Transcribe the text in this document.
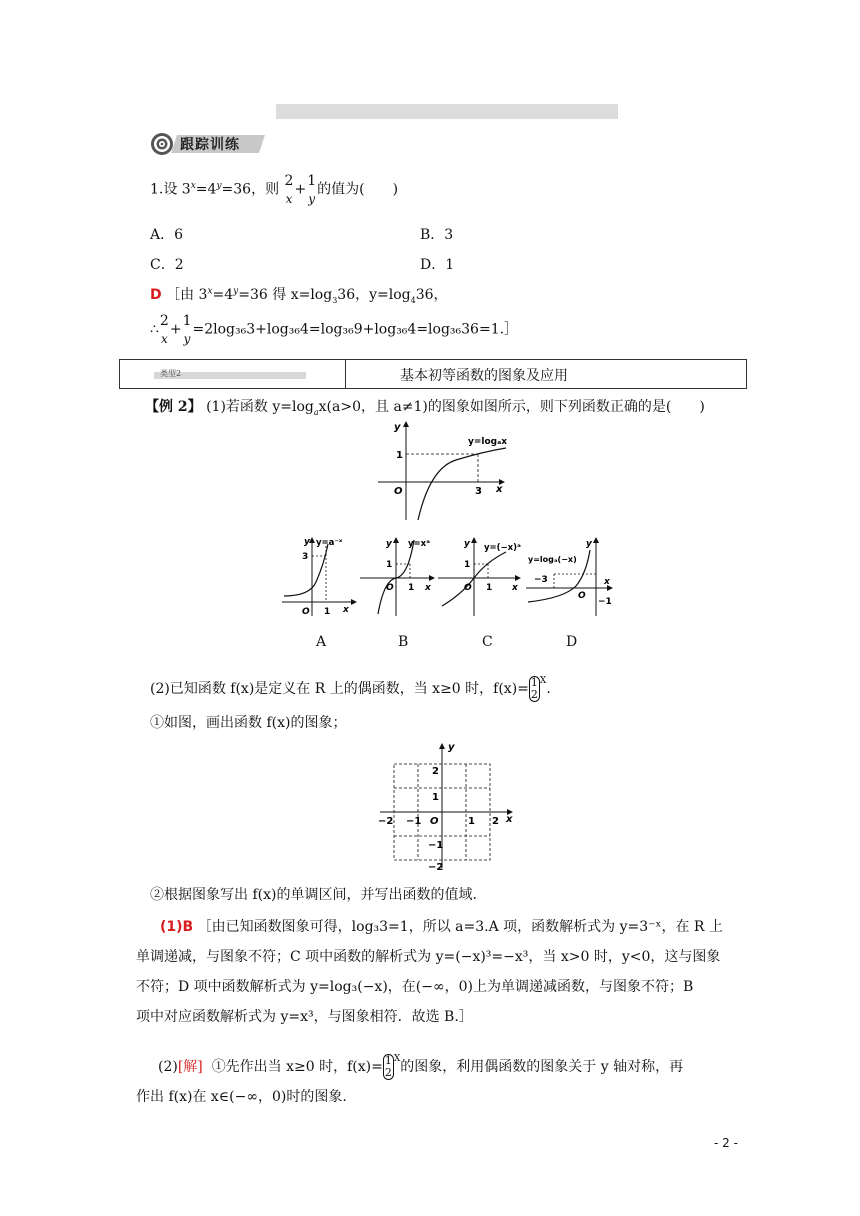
跟踪训练
1.设 $3^x=4^y=36$，则
2
x
+
1
y
的值为(　　)
A．6	B．3
C．2	D．1
D ［由 $3^x=4^y=36$ 得 $x=\log_336$，$y=\log_436$，
∴
2
x
+
1
y
=2log₃₆3+log₃₆4=log₃₆9+log₃₆4=log₃₆36=1.］
类型2	基本初等函数的图象及应用
【例 2】 (1)若函数 $y=\log_ax(a>0$，且 a≠1)的图象如图所示，则下列函数正确的是(　　)
y
x
y=logₐx
1
3
O
y
x
y=a⁻ˣ
3
1
O
y
x
y=xᵃ
1
1
O
y
x
y=(−x)ᵃ
1
1
O
y
x
y=logₐ(−x)
−1
−3
O
A	B	C	D
(2)已知函数 f(x)是定义在 R 上的偶函数，当 x≥0 时，f(x)= 1
2
$^X$.
①如图，画出函数 f(x)的图象；
y
x
O
−2 −1	1 2
2
1
−1
−2
②根据图象写出 f(x)的单调区间，并写出函数的值域.
(1)B ［由已知函数图象可得，log₃3=1，所以 a=3.A 项，函数解析式为 y=3⁻ˣ，在 R 上
单调递减，与图象不符；C 项中函数的解析式为 y=(−x)³=−x³，当 x>0 时，y<0，这与图象
不符；D 项中函数解析式为 y=log₃(−x)，在(−∞，0)上为单调递减函数，与图象不符；B
项中对应函数解析式为 y=x³，与图象相符．故选 B.］
(2)[解] ①先作出当 x≥0 时，f(x)= 1
2
$^X$的图象，利用偶函数的图象关于 y 轴对称，再
作出 f(x)在 x∈(−∞，0)时的图象.
- 2 -
